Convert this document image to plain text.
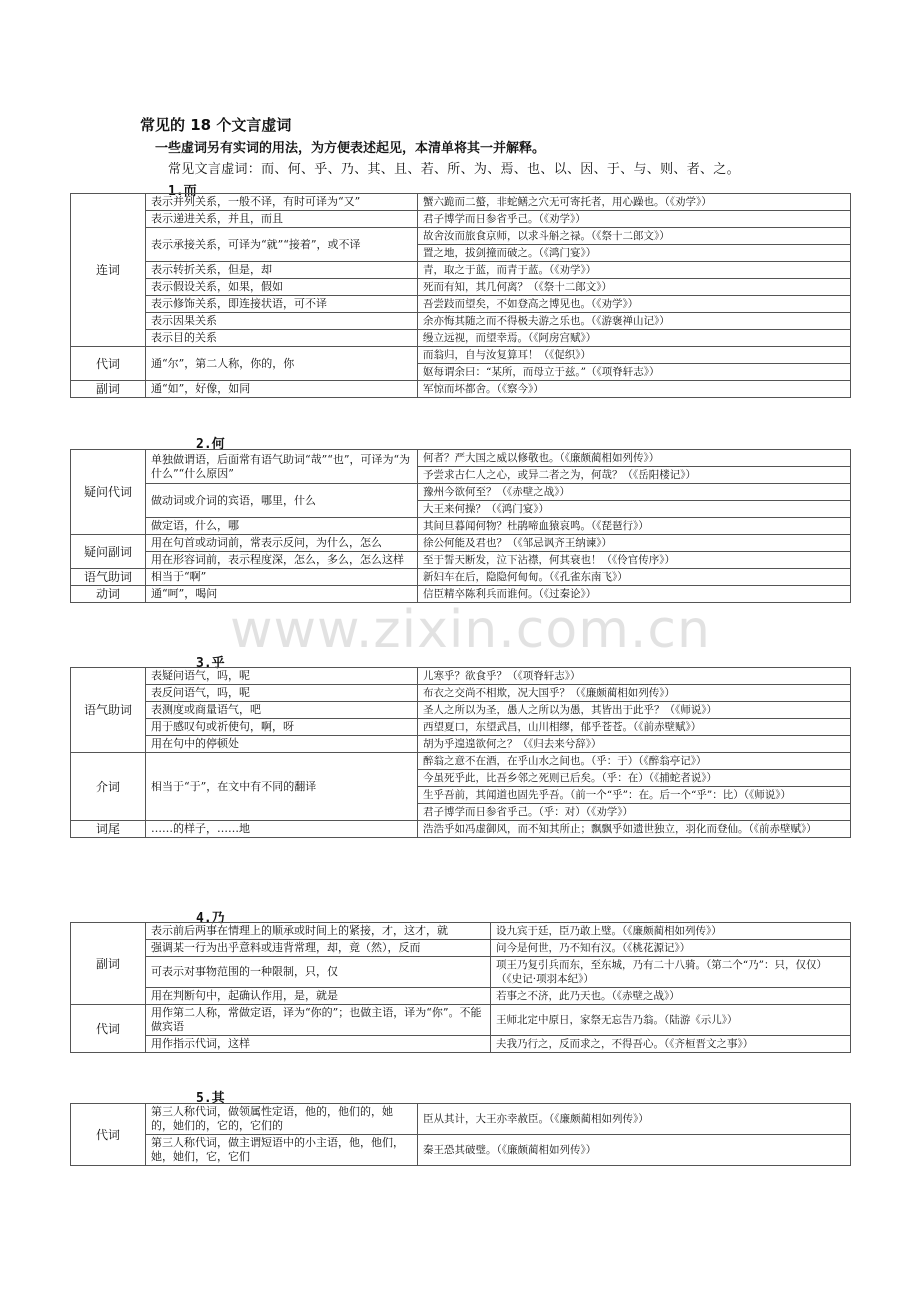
常见的 18 个文言虚词
一些虚词另有实词的用法，为方便表述起见，本清单将其一并解释。
常见文言虚词：而、何、乎、乃、其、且、若、所、为、焉、也、以、因、于、与、则、者、之。
1.而
连词	表示并列关系，一般不译，有时可译为“又”	蟹六跪而二螯，非蛇鳝之穴无可寄托者，用心躁也。（《劝学》）
	表示递进关系，并且，而且	君子博学而日参省乎己。（《劝学》）
	表示承接关系，可译为“就”“接着”，或不译	故舍汝而旅食京师，以求斗斛之禄。（《祭十二郎文》）
		置之地，拔剑撞而破之。（《鸿门宴》）
	表示转折关系，但是，却	青，取之于蓝，而青于蓝。（《劝学》）
	表示假设关系，如果，假如	死而有知，其几何离？（《祭十二郎文》）
	表示修饰关系，即连接状语，可不译	吾尝跂而望矣，不如登高之博见也。（《劝学》）
	表示因果关系	余亦悔其随之而不得极夫游之乐也。（《游褒禅山记》）
	表示目的关系	缦立远视，而望幸焉。（《阿房宫赋》）
代词	通“尔”，第二人称，你的，你	而翁归，自与汝复算耳！（《促织》）
		妪每谓余曰：“某所，而母立于兹。”（《项脊轩志》）
副词	通“如”，好像，如同	军惊而坏都舍。（《察今》）
2.何
疑问代词	单独做谓语，后面常有语气助词“哉”“也”，可译为“为什么”“什么原因”	何者？严大国之威以修敬也。（《廉颇蔺相如列传》）
		予尝求古仁人之心，或异二者之为，何哉？（《岳阳楼记》）
	做动词或介词的宾语，哪里，什么	豫州今欲何至？（《赤壁之战》）
		大王来何操？（《鸿门宴》）
	做定语，什么，哪	其间旦暮闻何物？杜鹃啼血猿哀鸣。（《琵琶行》）
疑问副词	用在句首或动词前，常表示反问，为什么，怎么	徐公何能及君也？（《邹忌讽齐王纳谏》）
	用在形容词前，表示程度深，怎么，多么，怎么这样	至于誓天断发，泣下沾襟，何其衰也！（《伶官传序》）
语气助词	相当于“啊”	新妇车在后，隐隐何甸甸。（《孔雀东南飞》）
动词	通“呵”，喝问	信臣精卒陈利兵而谁何。（《过秦论》）
3.乎
语气助词	表疑问语气，吗，呢	儿寒乎？欲食乎？（《项脊轩志》）
	表反问语气，吗，呢	布衣之交尚不相欺，况大国乎？（《廉颇蔺相如列传》）
	表测度或商量语气，吧	圣人之所以为圣，愚人之所以为愚，其皆出于此乎？（《师说》）
	用于感叹句或祈使句，啊，呀	西望夏口，东望武昌，山川相缪，郁乎苍苍。（《前赤壁赋》）
	用在句中的停顿处	胡为乎遑遑欲何之？（《归去来兮辞》）
介词	相当于“于”，在文中有不同的翻译	醉翁之意不在酒，在乎山水之间也。（乎：于）（《醉翁亭记》）
		今虽死乎此，比吾乡邻之死则已后矣。（乎：在）（《捕蛇者说》）
		生乎吾前，其闻道也固先乎吾。（前一个“乎”：在。后一个“乎”：比）（《师说》）
		君子博学而日参省乎己。（乎：对）（《劝学》）
词尾	……的样子，……地	浩浩乎如冯虚御风，而不知其所止；飘飘乎如遗世独立，羽化而登仙。（《前赤壁赋》）
4.乃
副词	表示前后两事在情理上的顺承或时间上的紧接，才，这才，就	设九宾于廷，臣乃敢上璧。（《廉颇蔺相如列传》）
	强调某一行为出乎意料或违背常理，却，竟（然），反而	问今是何世，乃不知有汉。（《桃花源记》）
	可表示对事物范围的一种限制，只，仅	项王乃复引兵而东，至东城，乃有二十八骑。（第二个“乃”：只，仅仅）（《史记·项羽本纪》）
	用在判断句中，起确认作用，是，就是	若事之不济，此乃天也。（《赤壁之战》）
代词	用作第二人称，常做定语，译为“你的”；也做主语，译为“你”。不能做宾语	王师北定中原日，家祭无忘告乃翁。（陆游《示儿》）
	用作指示代词，这样	夫我乃行之，反而求之，不得吾心。（《齐桓晋文之事》）
5.其
代词	第三人称代词，做领属性定语，他的，他们的，她的，她们的，它的，它们的	臣从其计，大王亦幸赦臣。（《廉颇蔺相如列传》）
	第三人称代词，做主谓短语中的小主语，他，他们，她，她们，它，它们	秦王恐其破璧。（《廉颇蔺相如列传》）
www.zixin.com.cn
